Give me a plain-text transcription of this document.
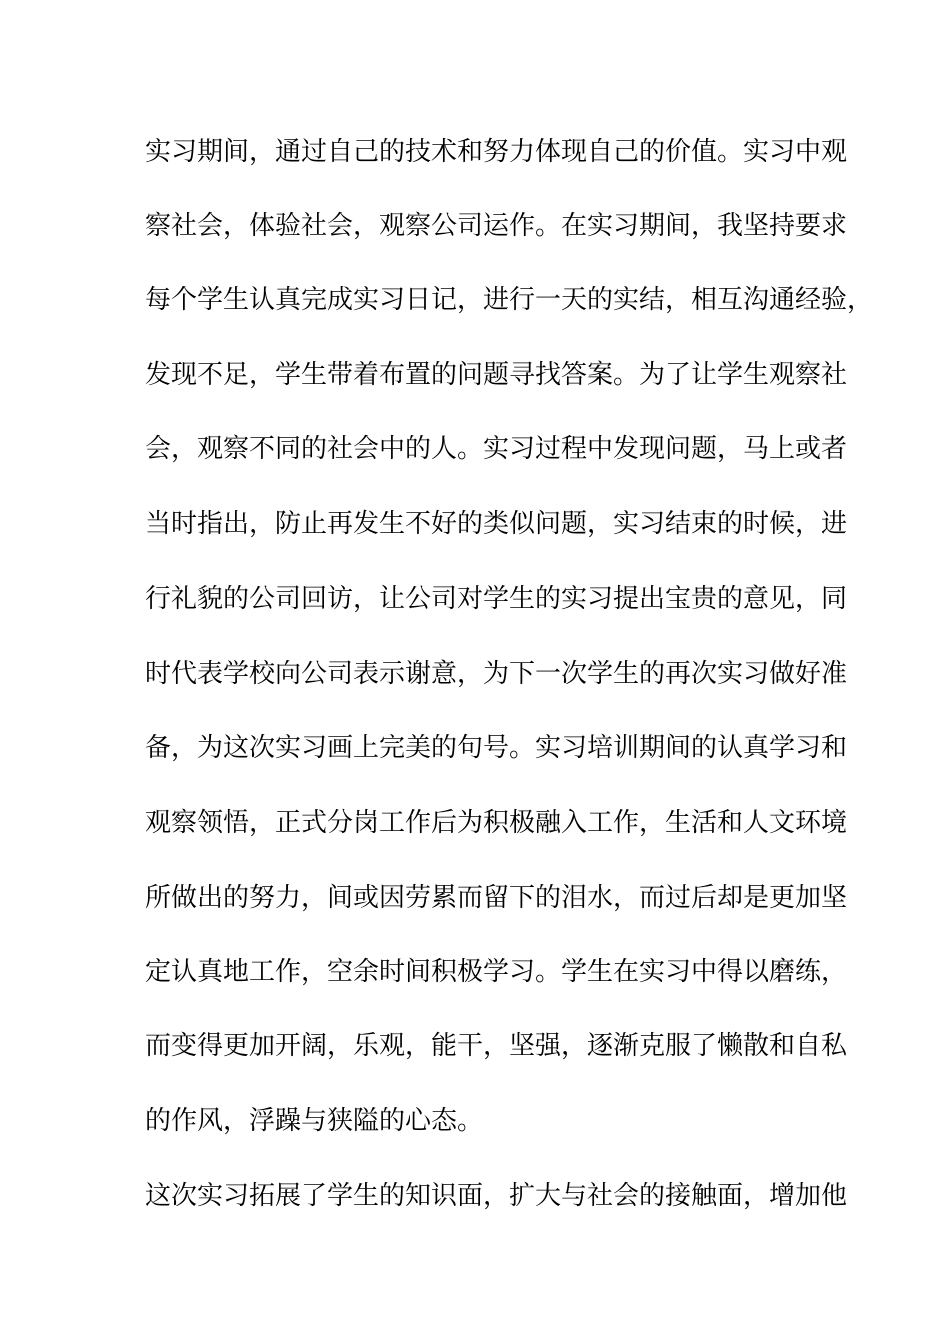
实习期间，通过自己的技术和努力体现自己的价值。实习中观
察社会，体验社会，观察公司运作。在实习期间，我坚持要求
每个学生认真完成实习日记，进行一天的实结，相互沟通经验，
发现不足，学生带着布置的问题寻找答案。为了让学生观察社
会，观察不同的社会中的人。实习过程中发现问题，马上或者
当时指出，防止再发生不好的类似问题，实习结束的时候，进
行礼貌的公司回访，让公司对学生的实习提出宝贵的意见，同
时代表学校向公司表示谢意，为下一次学生的再次实习做好准
备，为这次实习画上完美的句号。实习培训期间的认真学习和
观察领悟，正式分岗工作后为积极融入工作，生活和人文环境
所做出的努力，间或因劳累而留下的泪水，而过后却是更加坚
定认真地工作，空余时间积极学习。学生在实习中得以磨练，
而变得更加开阔，乐观，能干，坚强，逐渐克服了懒散和自私
的作风，浮躁与狭隘的心态。
这次实习拓展了学生的知识面，扩大与社会的接触面，增加他
